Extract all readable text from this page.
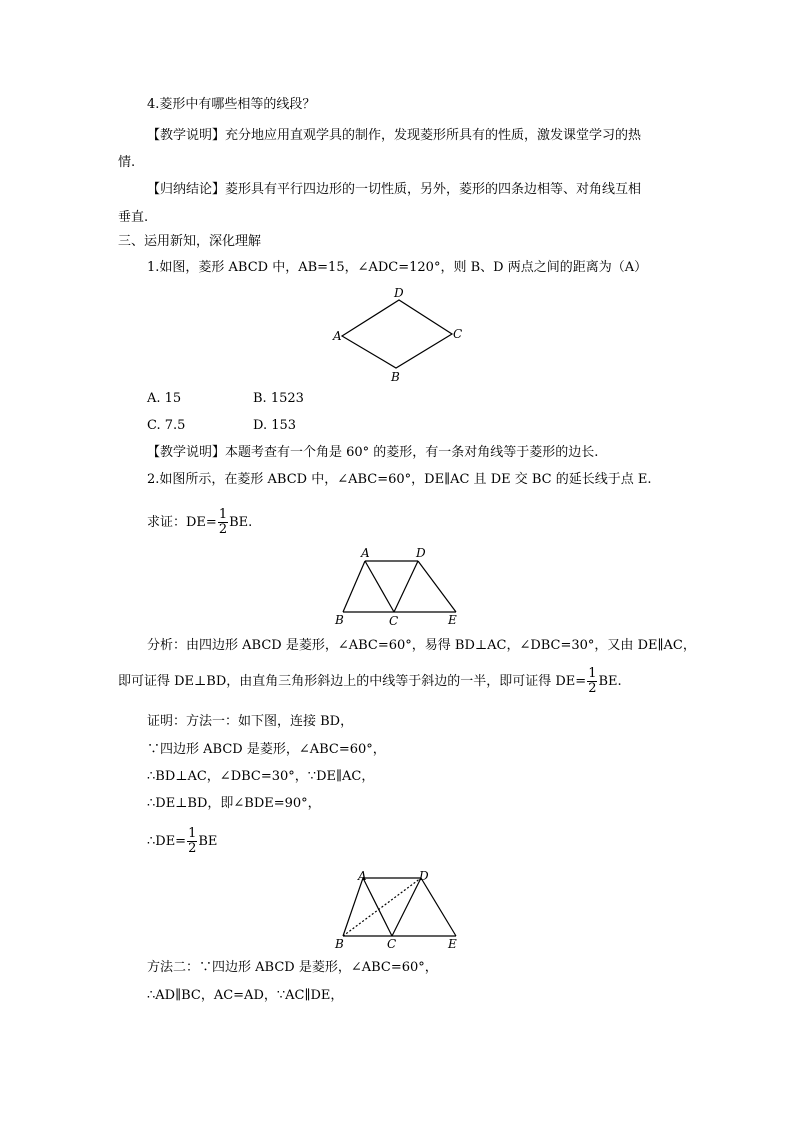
4.菱形中有哪些相等的线段？
【教学说明】充分地应用直观学具的制作，发现菱形所具有的性质，激发课堂学习的热
情.
【归纳结论】菱形具有平行四边形的一切性质，另外，菱形的四条边相等、对角线互相
垂直.
三、运用新知，深化理解
1.如图，菱形 ABCD 中，AB=15，∠ADC=120°，则 B、D 两点之间的距离为（A）
D
A	C
B
A. 15	B. 1523
C. 7.5	D. 153
【教学说明】本题考查有一个角是 60° 的菱形，有一条对角线等于菱形的边长.
2.如图所示，在菱形 ABCD 中，∠ABC=60°，DE∥AC 且 DE 交 BC 的延长线于点 E.
求证：$DE= \frac{1}{2}$ BE.
A	D
B	C	E
分析：由四边形 ABCD 是菱形，∠ABC=60°，易得 BD⊥AC，∠DBC=30°，又由 DE∥AC，
即可证得 DE⊥BD，由直角三角形斜边上的中线等于斜边的一半，即可证得 $DE= \frac{1}{2}$ BE.
证明：方法一：如下图，连接 BD，
∵四边形 ABCD 是菱形，∠ABC=60°，
∴BD⊥AC，∠DBC=30°，∵DE∥AC，
∴DE⊥BD，即∠BDE=90°，
∴DE= $\frac{1}{2}$ BE
A	D
B	C	E
方法二：∵四边形 ABCD 是菱形，∠ABC=60°，
∴AD∥BC，AC=AD，∵AC∥DE，
